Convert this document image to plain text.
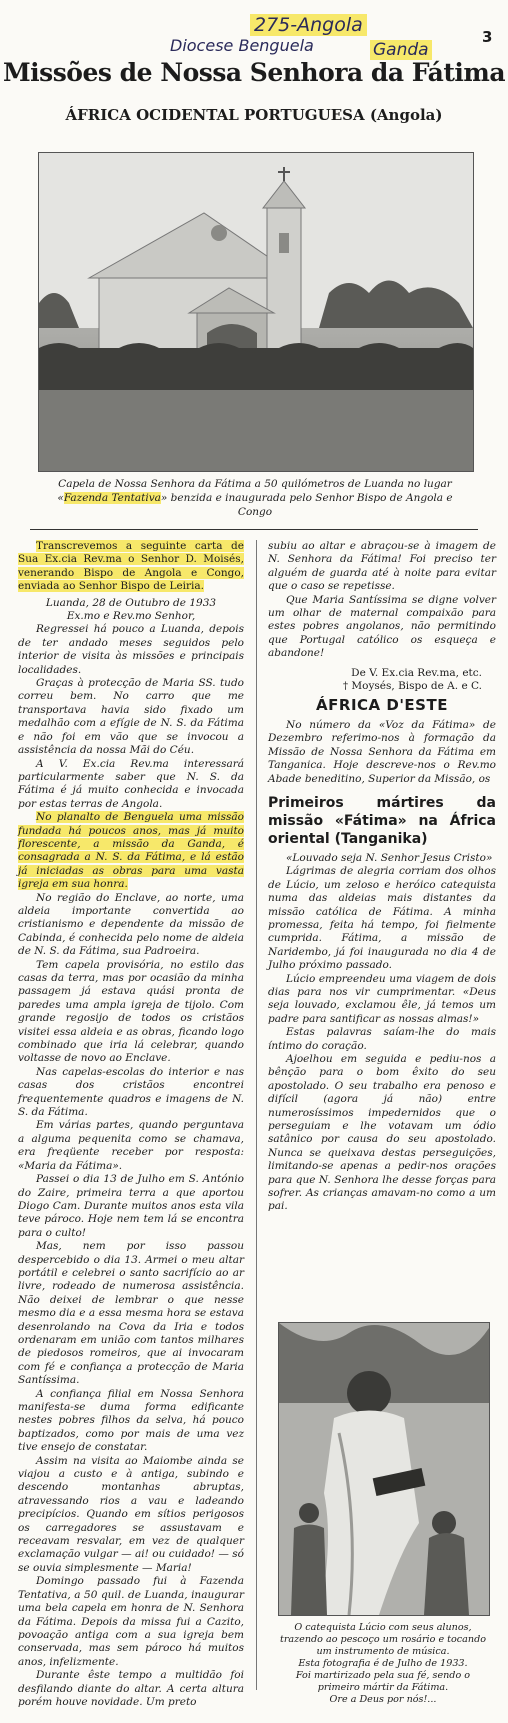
275-Angola
Diocese Benguela	Ganda
3
Missões de Nossa Senhora da Fátima
ÁFRICA OCIDENTAL PORTUGUESA (Angola)
Capela de Nossa Senhora da Fátima a 50 quilómetros de Luanda no lugar «Fazenda Tentativa» benzida e inaugurada pelo Senhor Bispo de Angola e Congo

Transcrevemos a seguinte carta de Sua Ex.cia Rev.ma o Senhor D. Moisés, venerando Bispo de Angola e Congo, enviada ao Senhor Bispo de Leiria.

Luanda, 28 de Outubro de 1933

Ex.mo e Rev.mo Senhor,

Regressei há pouco a Luanda, depois de ter andado meses seguidos pelo interior de visita às missões e principais localidades.

Graças à protecção de Maria SS. tudo correu bem. No carro que me transportava havia sido fixado um medalhão com a efígie de N. S. da Fátima e não foi em vão que se invocou a assistência da nossa Mãi do Céu.

A V. Ex.cia Rev.ma interessará particularmente saber que N. S. da Fátima é já muito conhecida e invocada por estas terras de Angola.

No planalto de Benguela uma missão fundada há poucos anos, mas já muito florescente, a missão da Ganda, é consagrada a N. S. da Fátima, e lá estão já iniciadas as obras para uma vasta igreja em sua honra.

No região do Enclave, ao norte, uma aldeia importante convertida ao cristianismo e dependente da missão de Cabinda, é conhecida pelo nome de aldeia de N. S. da Fátima, sua Padroeira.

Tem capela provisória, no estilo das casas da terra, mas por ocasião da minha passagem já estava quási pronta de paredes uma ampla igreja de tijolo. Com grande regosijo de todos os cristãos visitei essa aldeia e as obras, ficando logo combinado que iria lá celebrar, quando voltasse de novo ao Enclave.

Nas capelas-escolas do interior e nas casas dos cristãos encontrei frequentemente quadros e imagens de N. S. da Fátima.

Em várias partes, quando perguntava a alguma pequenita como se chamava, era freqüente receber por resposta: «Maria da Fátima».

Passei o dia 13 de Julho em S. António do Zaire, primeira terra a que aportou Diogo Cam. Durante muitos anos esta vila teve pároco. Hoje nem tem lá se encontra para o culto!

Mas, nem por isso passou despercebido o dia 13. Armei o meu altar portátil e celebrei o santo sacrifício ao ar livre, rodeado de numerosa assistência. Não deixei de lembrar o que nesse mesmo dia e a essa mesma hora se estava desenrolando na Cova da Iria e todos ordenaram em união com tantos milhares de piedosos romeiros, que ai invocaram com fé e confiança a protecção de Maria Santíssima.

A confiança filial em Nossa Senhora manifesta-se duma forma edificante nestes pobres filhos da selva, há pouco baptizados, como por mais de uma vez tive ensejo de constatar.

Assim na visita ao Maiombe ainda se viajou a custo e à antiga, subindo e descendo montanhas abruptas, atravessando rios a vau e ladeando precipícios. Quando em sítios perigosos os carregadores se assustavam e receavam resvalar, em vez de qualquer exclamação vulgar — ai! ou cuidado! — só se ouvia simplesmente — Maria!

Domingo passado fui à Fazenda Tentativa, a 50 quil. de Luanda, inaugurar uma bela capela em honra de N. Senhora da Fátima. Depois da missa fui a Cazito, povoação antiga com a sua igreja bem conservada, mas sem pároco há muitos anos, infelizmente.

Durante êste tempo a multidão foi desfilando diante do altar. A certa altura porém houve novidade. Um preto

subiu ao altar e abraçou-se à imagem de N. Senhora da Fátima! Foi preciso ter alguém de guarda até à noite para evitar que o caso se repetisse.

Que Maria Santíssima se digne volver um olhar de maternal compaixão para estes pobres angolanos, não permitindo que Portugal católico os esqueça e abandone!

De V. Ex.cia Rev.ma, etc.

† Moysés, Bispo de A. e C.

ÁFRICA D'ESTE

No número da «Voz da Fátima» de Dezembro referimo-nos à formação da Missão de Nossa Senhora da Fátima em Tanganica. Hoje descreve-nos o Rev.mo Abade beneditino, Superior da Missão, os

Primeiros mártires da missão «Fátima» na África oriental (Tanganika)

«Louvado seja N. Senhor Jesus Cristo»

Lágrimas de alegria corriam dos olhos de Lúcio, um zeloso e heróico catequista numa das aldeias mais distantes da missão católica de Fátima. A minha promessa, feita há tempo, foi fielmente cumprida. Fátima, a missão de Naridembo, já foi inaugurada no dia 4 de Julho próximo passado.

Lúcio empreendeu uma viagem de dois dias para nos vir cumprimentar. «Deus seja louvado, exclamou êle, já temos um padre para santificar as nossas almas!»

Estas palavras saíam-lhe do mais íntimo do coração.

Ajoelhou em seguida e pediu-nos a bênção para o bom êxito do seu apostolado. O seu trabalho era penoso e difícil (agora já não) entre numerosíssimos impedernidos que o perseguiam e lhe votavam um ódio satânico por causa do seu apostolado. Nunca se queixava destas perseguições, limitando-se apenas a pedir-nos orações para que N. Senhora lhe desse forças para sofrer. As crianças amavam-no como a um pai.

O catequista Lúcio com seus alunos, trazendo ao pescoço um rosário e tocando um instrumento de música.
Esta fotografia é de Julho de 1933.
Foi martirizado pela sua fé, sendo o primeiro mártir da Fátima.
Ore a Deus por nós!...
